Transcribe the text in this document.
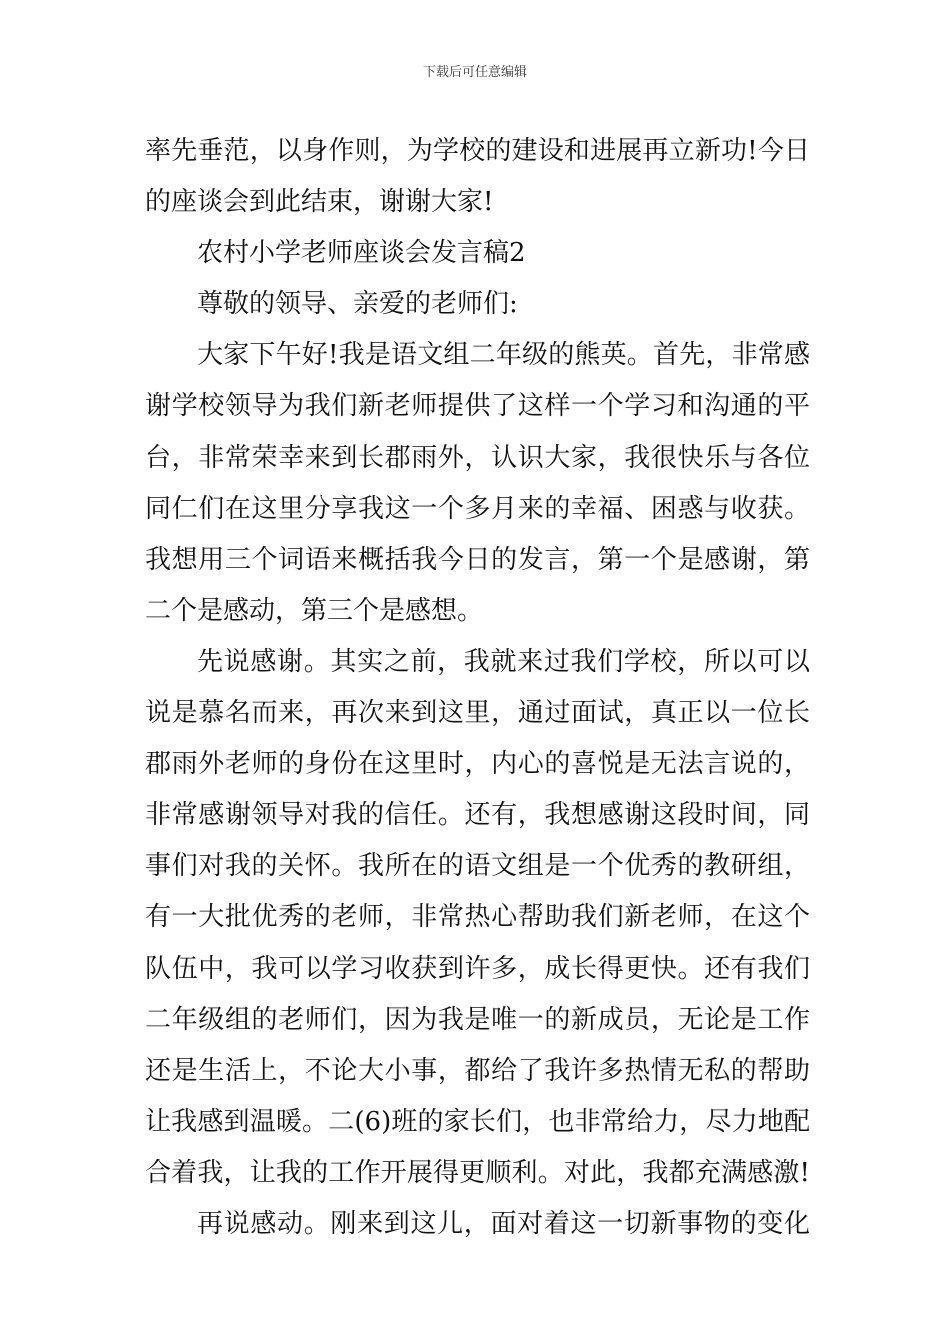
下载后可任意编辑
率先垂范，以身作则，为学校的建设和进展再立新功!今日
的座谈会到此结束，谢谢大家!
农村小学老师座谈会发言稿2
尊敬的领导、亲爱的老师们:
大家下午好!我是语文组二年级的熊英。首先，非常感
谢学校领导为我们新老师提供了这样一个学习和沟通的平
台，非常荣幸来到长郡雨外，认识大家，我很快乐与各位
同仁们在这里分享我这一个多月来的幸福、困惑与收获。
我想用三个词语来概括我今日的发言，第一个是感谢，第
二个是感动，第三个是感想。
先说感谢。其实之前，我就来过我们学校，所以可以
说是慕名而来，再次来到这里，通过面试，真正以一位长
郡雨外老师的身份在这里时，内心的喜悦是无法言说的，
非常感谢领导对我的信任。还有，我想感谢这段时间，同
事们对我的关怀。我所在的语文组是一个优秀的教研组，
有一大批优秀的老师，非常热心帮助我们新老师，在这个
队伍中，我可以学习收获到许多，成长得更快。还有我们
二年级组的老师们，因为我是唯一的新成员，无论是工作
还是生活上，不论大小事，都给了我许多热情无私的帮助
让我感到温暖。二(6)班的家长们，也非常给力，尽力地配
合着我，让我的工作开展得更顺利。对此，我都充满感激!
再说感动。刚来到这儿，面对着这一切新事物的变化
